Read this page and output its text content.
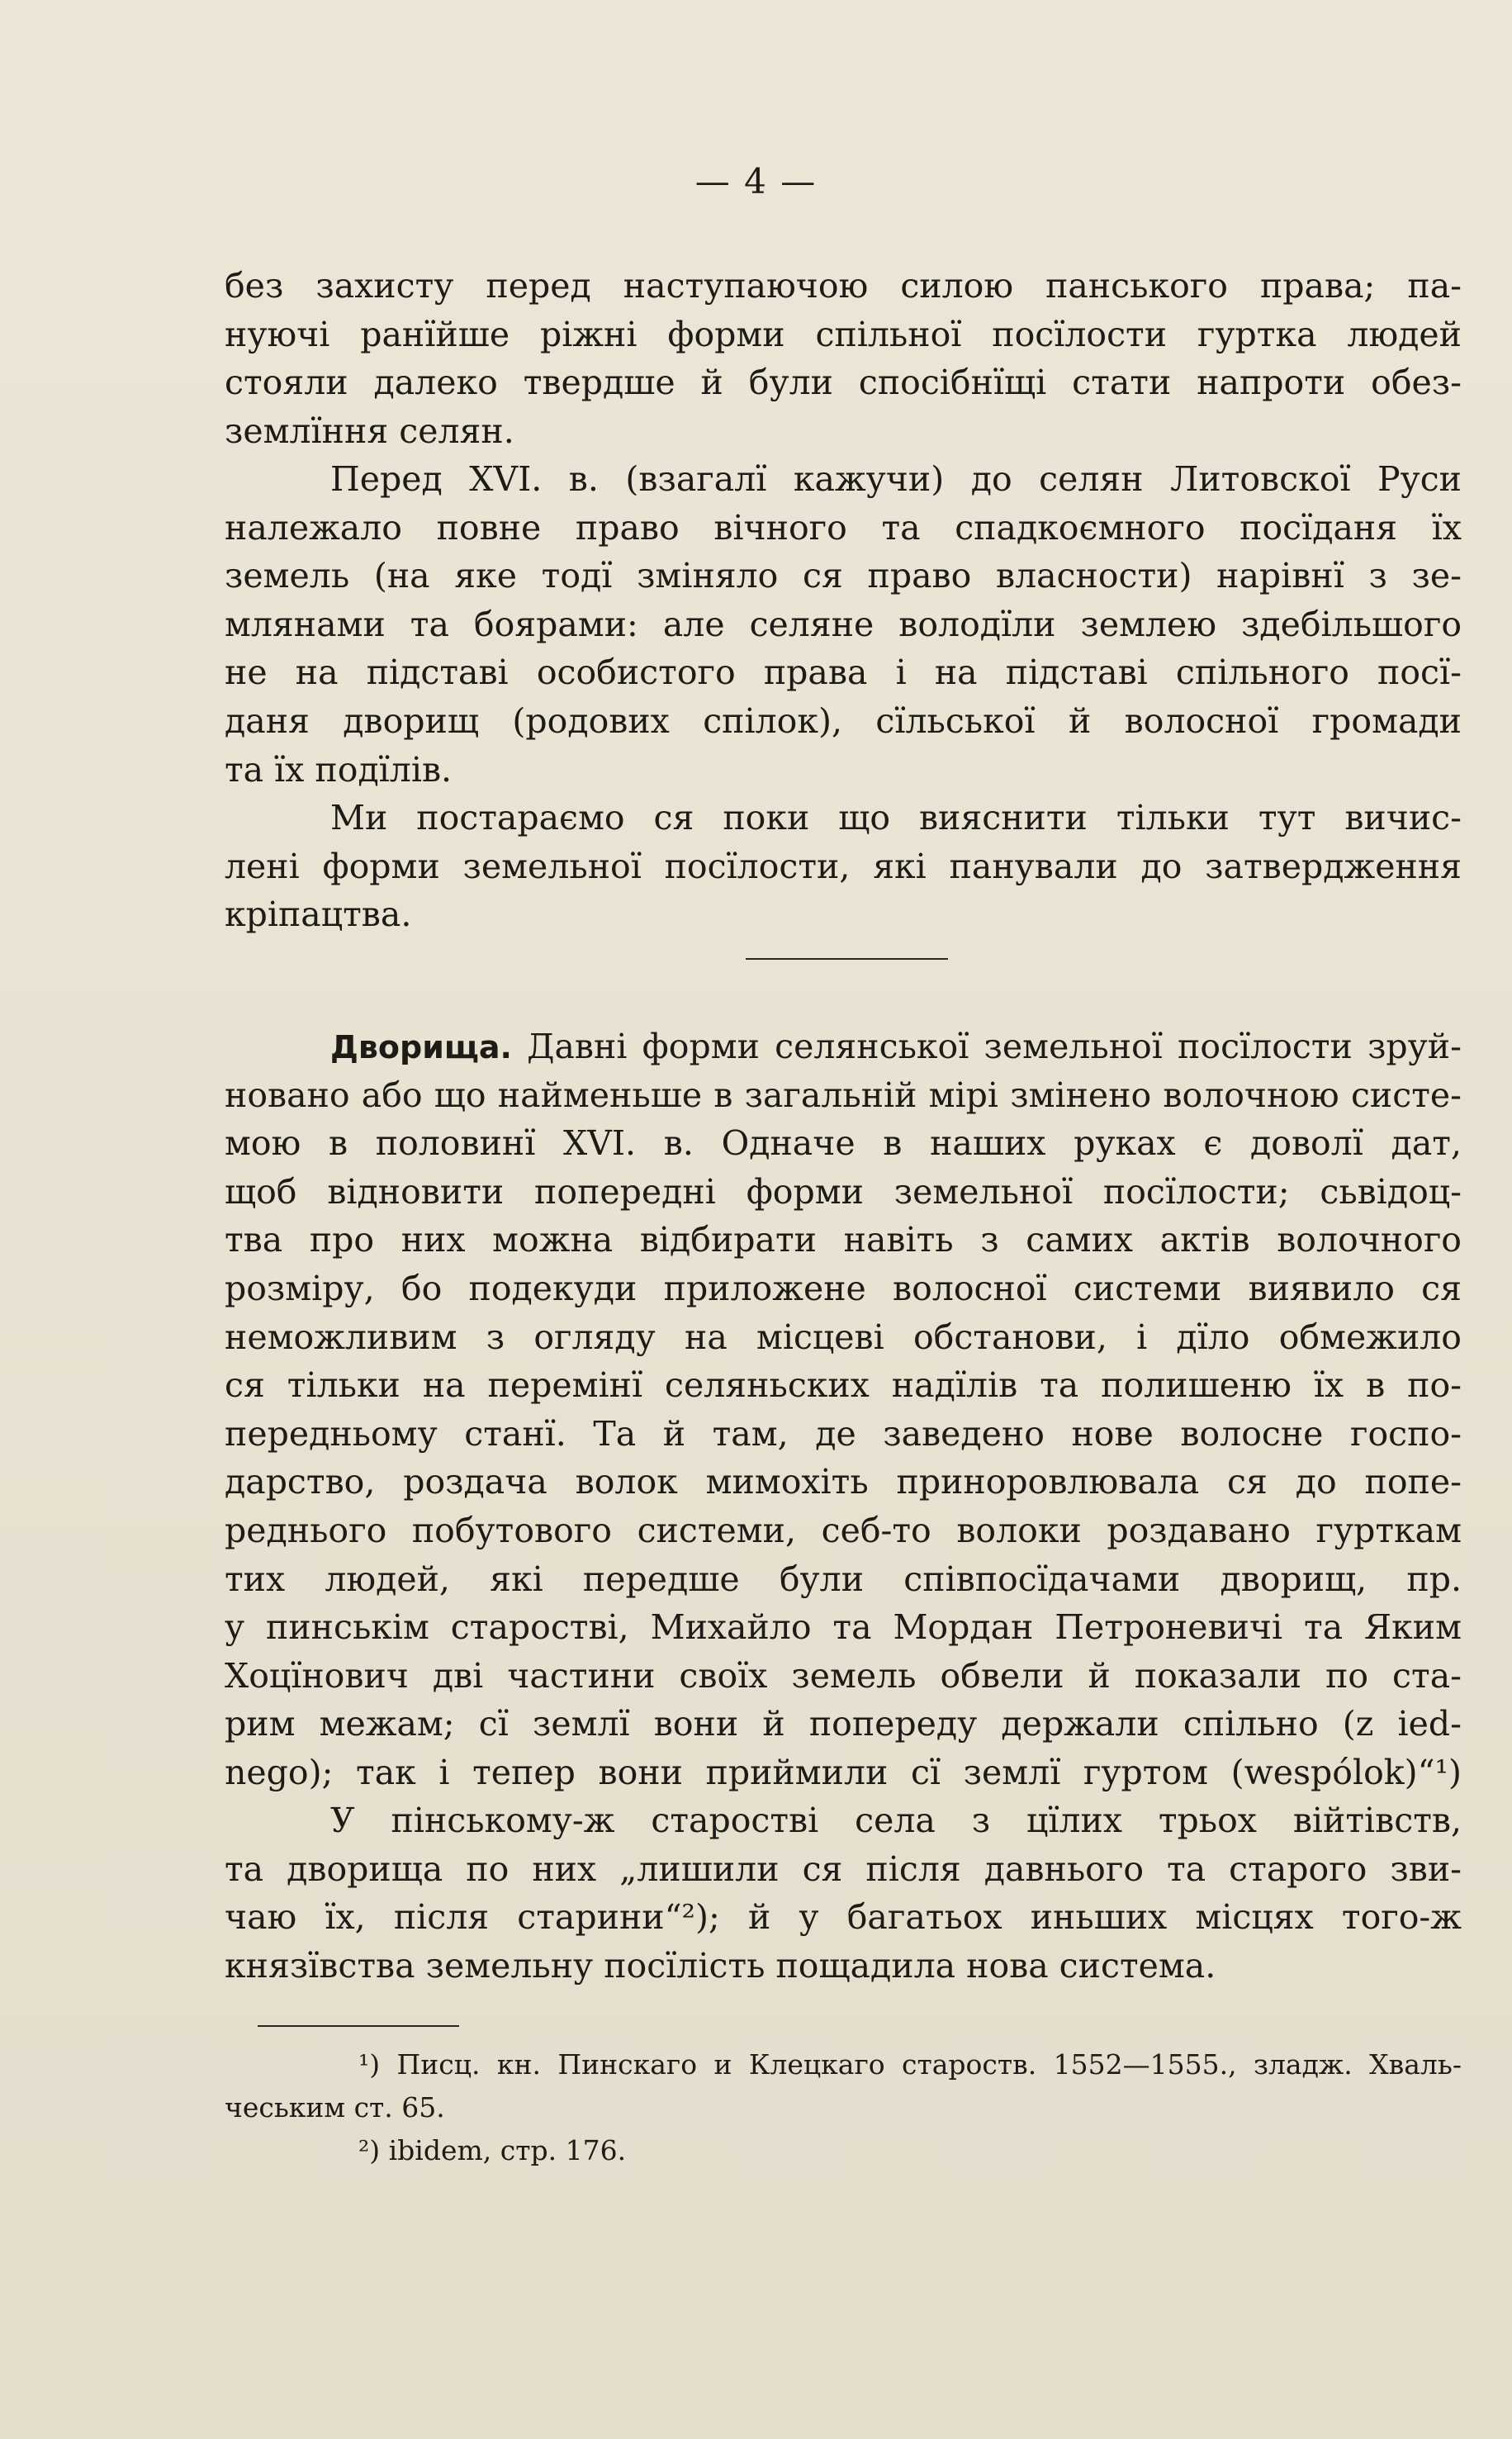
— 4 —
без захисту перед наступаючою силою панського права; па-
нуючі ранїйше ріжні форми спільної посїлости гуртка людей
стояли далеко твердше й були спосібнїщі стати напроти обез-
землїння селян.
Перед XVI. в. (взагалї кажучи) до селян Литовскої Руси
належало повне право вічного та спадкоємного посїданя їх
земель (на яке тодї зміняло ся право власности) нарівнї з зе-
млянами та боярами: але селяне володїли землею здебільшого
не на підставі особистого права і на підставі спільного посї-
даня дворищ (родових спілок), сїльської й волосної громади
та їх подїлів.
Ми постараємо ся поки що вияснити тільки тут вичис-
лені форми земельної посїлости, які панували до затвердження
кріпацтва.
Дворища. Давні форми селянської земельної посїлости зруй-
новано або що найменьше в загальній мірі змінено волочною систе-
мою в половинї XVI. в. Одначе в наших руках є доволї дат,
щоб відновити попередні форми земельної посїлости; сьвідоц-
тва про них можна відбирати навіть з самих актів волочного
розміру, бо подекуди приложене волосної системи виявило ся
неможливим з огляду на місцеві обстанови, і дїло обмежило
ся тільки на перемінї селяньских надїлів та полишеню їх в по-
передньому станї. Та й там, де заведено нове волосне госпо-
дарство, роздача волок мимохіть приноровлювала ся до попе-
реднього побутового системи, себ-то волоки роздавано гурткам
тих людей, які передше були співпосїдачами дворищ, пр.
у пинськім старостві, Михайло та Мордан Петроневичі та Яким
Хоцїнович дві частини своїх земель обвели й показали по ста-
рим межам; сї землї вони й попереду держали спільно (z ied-
nego); так і тепер вони приймили сї землї гуртом (wespólok)“¹)
У пінському-ж старостві села з цїлих трьох війтівств,
та дворища по них „лишили ся після давнього та старого зви-
чаю їх, після старини“²); й у багатьох иньших місцях того-ж
князївства земельну посїлість пощадила нова система.
¹) Писц. кн. Пинскаго и Клецкаго староств. 1552—1555., зладж. Хваль-
чеським ст. 65.
²) ibidem, стр. 176.
